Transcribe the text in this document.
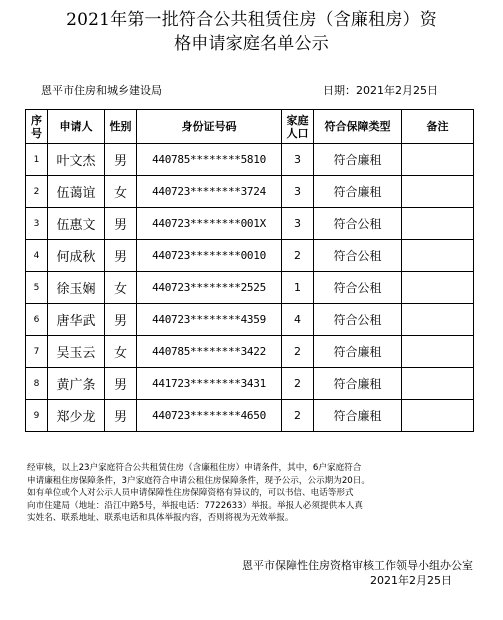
2021年第一批符合公共租赁住房（含廉租房）资
格申请家庭名单公示
恩平市住房和城乡建设局	日期：2021年2月25日
序号	申请人	性别	身份证号码	家庭人口	符合保障类型	备注
1	叶文杰	男	440785********5810	3	符合廉租	
2	伍蔼谊	女	440723********3724	3	符合廉租	
3	伍惠文	男	440723********001X	3	符合公租	
4	何成秋	男	440723********0010	2	符合公租	
5	徐玉娴	女	440723********2525	1	符合公租	
6	唐华武	男	440723********4359	4	符合公租	
7	吴玉云	女	440785********3422	2	符合廉租	
8	黄广条	男	441723********3431	2	符合廉租	
9	郑少龙	男	440723********4650	2	符合廉租	
经审核，以上23户家庭符合公共租赁住房（含廉租住房）申请条件，其中，6户家庭符合
申请廉租住房保障条件，3户家庭符合申请公租住房保障条件，现予公示，公示期为20日。
如有单位或个人对公示人员申请保障性住房保障资格有异议的，可以书信、电话等形式
向市住建局（地址：沿江中路5号，举报电话：7722633）举报。举报人必须提供本人真
实姓名、联系地址、联系电话和具体举报内容，否则将视为无效举报。
恩平市保障性住房资格审核工作领导小组办公室
2021年2月25日
